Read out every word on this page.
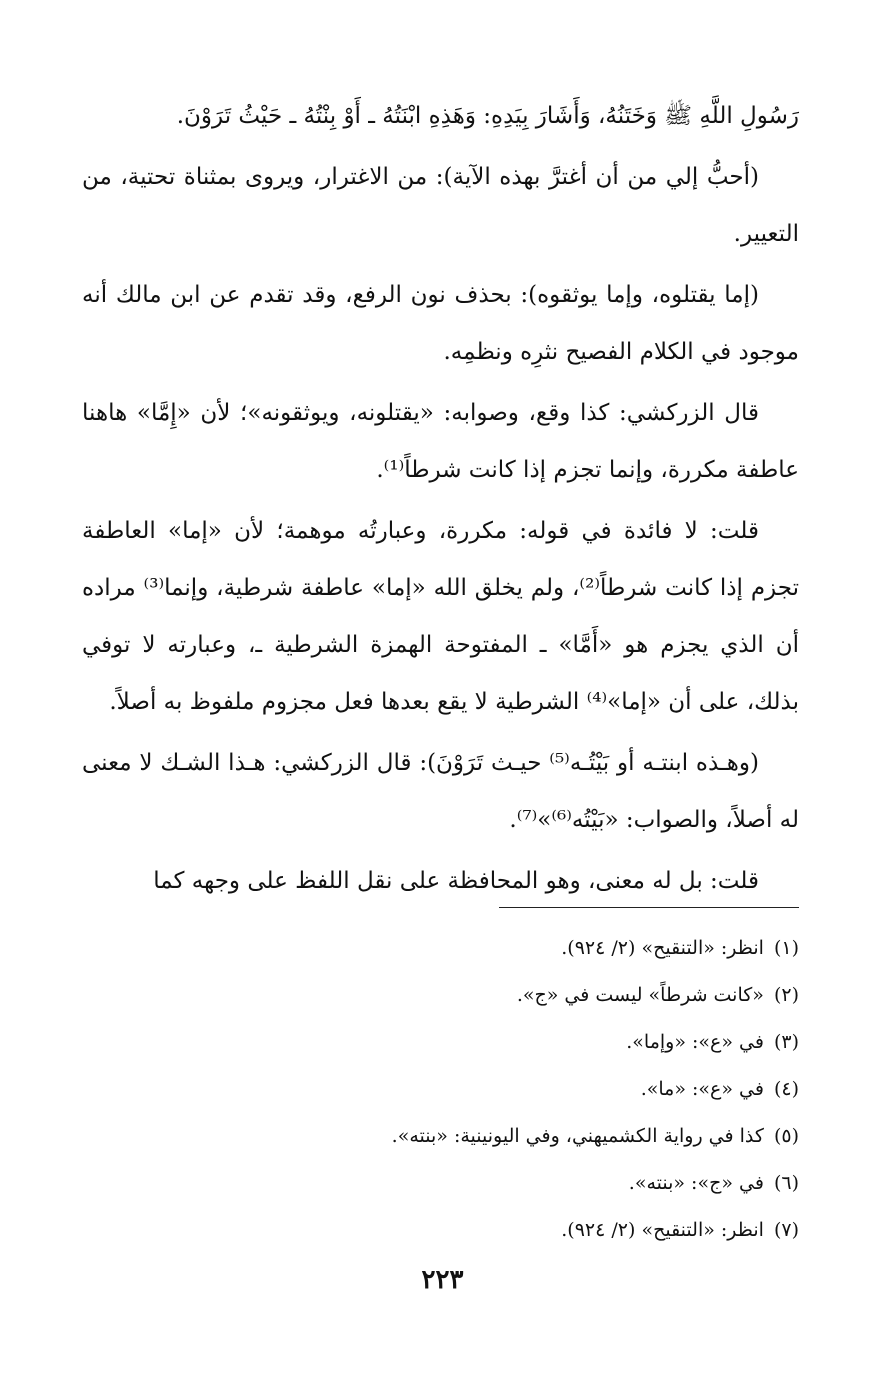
رَسُولِ اللَّهِ ﷺ وَخَتَنُهُ، وَأَشَارَ بِيَدِهِ: وَهَذِهِ ابْنَتُهُ ـ أَوْ بِنْتُهُ ـ حَيْثُ تَرَوْنَ.

(أحبُّ إلي من أن أغترَّ بهذه الآية): من الاغترار، ويروى بمثناة تحتية، من التعيير.

(إما يقتلوه، وإما يوثقوه): بحذف نون الرفع، وقد تقدم عن ابن مالك أنه موجود في الكلام الفصيح نثرِه ونظمِه.

قال الزركشي: كذا وقع، وصوابه: «يقتلونه، ويوثقونه»؛ لأن «إِمَّا» هاهنا عاطفة مكررة، وإنما تجزم إذا كانت شرطاً⁽¹⁾.

قلت: لا فائدة في قوله: مكررة، وعبارتُه موهمة؛ لأن «إما» العاطفة تجزم إذا كانت شرطاً⁽²⁾، ولم يخلق الله «إما» عاطفة شرطية، وإنما⁽³⁾ مراده أن الذي يجزم هو «أَمَّا» ـ المفتوحة الهمزة الشرطية ـ، وعبارته لا توفي بذلك، على أن «إما»⁽⁴⁾ الشرطية لا يقع بعدها فعل مجزوم ملفوظ به أصلاً.

(وهـذه ابنتـه أو بَيْتُـه⁽⁵⁾ حيـث تَرَوْنَ): قال الزركشي: هـذا الشـك لا معنى له أصلاً، والصواب: «بَيْتُه⁽⁶⁾»⁽⁷⁾.

قلت: بل له معنى، وهو المحافظة على نقل اللفظ على وجهه كما

(١)
انظر: «التنقيح» (٢/ ٩٢٤).

(٢)
«كانت شرطاً» ليست في «ج».

(٣)
في «ع»: «وإما».

(٤)
في «ع»: «ما».

(٥)
كذا في رواية الكشميهني، وفي اليونينية: «بنته».

(٦)
في «ج»: «بنته».

(٧)
انظر: «التنقيح» (٢/ ٩٢٤).

٢٢٣
